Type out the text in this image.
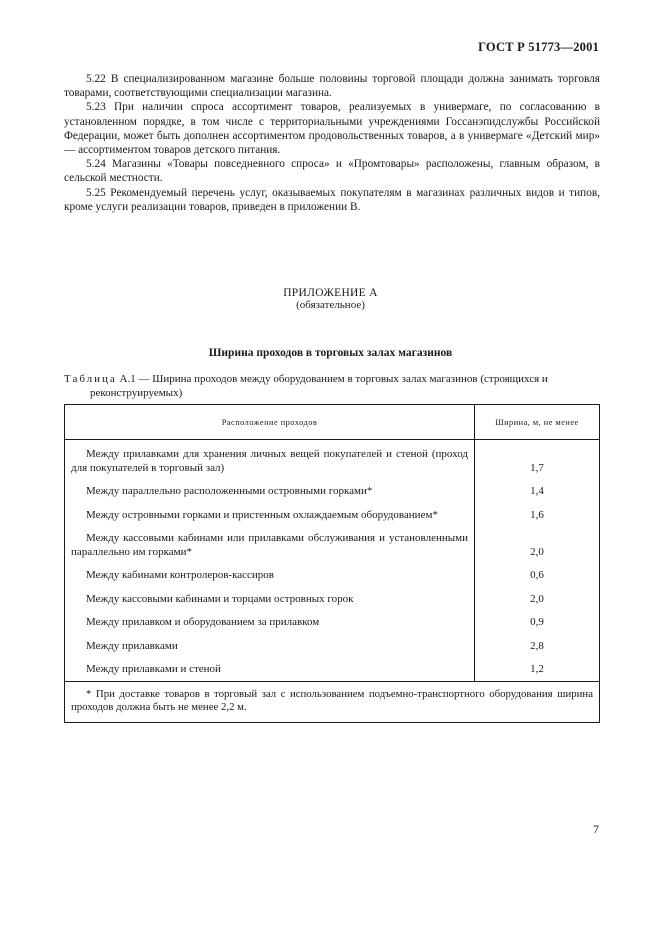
ГОСТ Р 51773—2001

5.22 В специализированном магазине больше половины торговой площади должна занимать торговля товарами, соответствующими специализации магазина.

5.23 При наличии спроса ассортимент товаров, реализуемых в универмаге, по согласованию в установленном порядке, в том числе с территориальными учреждениями Госсанэпидслужбы Российской Федерации, может быть дополнен ассортиментом продовольственных товаров, а в универмаге «Детский мир» — ассортиментом товаров детского питания.

5.24 Магазины «Товары повседневного спроса» и «Промтовары» расположены, главным образом, в сельской местности.

5.25 Рекомендуемый перечень услуг, оказываемых покупателям в магазинах различных видов и типов, кроме услуги реализации товаров, приведен в приложении В.

ПРИЛОЖЕНИЕ А
(обязательное)
Ширина проходов в торговых залах магазинов
Таблица А.1 — Ширина проходов между оборудованием в торговых залах магазинов (строящихся и
реконструируемых)
Расположение проходов	Ширина, м, не менее

Между прилавками для хранения личных вещей покупателей и стеной (проход для покупателей в торговый зал)	1,7

Между параллельно расположенными островными горками*	1,4

Между островными горками и пристенным охлаждаемым оборудованием*	1,6

Между кассовыми кабинами или прилавками обслуживания и установленными параллельно им горками*	2,0

Между кабинами контролеров-кассиров	0,6

Между кассовыми кабинами и торцами островных горок	2,0

Между прилавком и оборудованием за прилавком	0,9

Между прилавками	2,8

Между прилавками и стеной	1,2

* При доставке товаров в торговый зал с использованием подъемно-транспортного оборудования ширина проходов должна быть не менее 2,2 м.	
7
